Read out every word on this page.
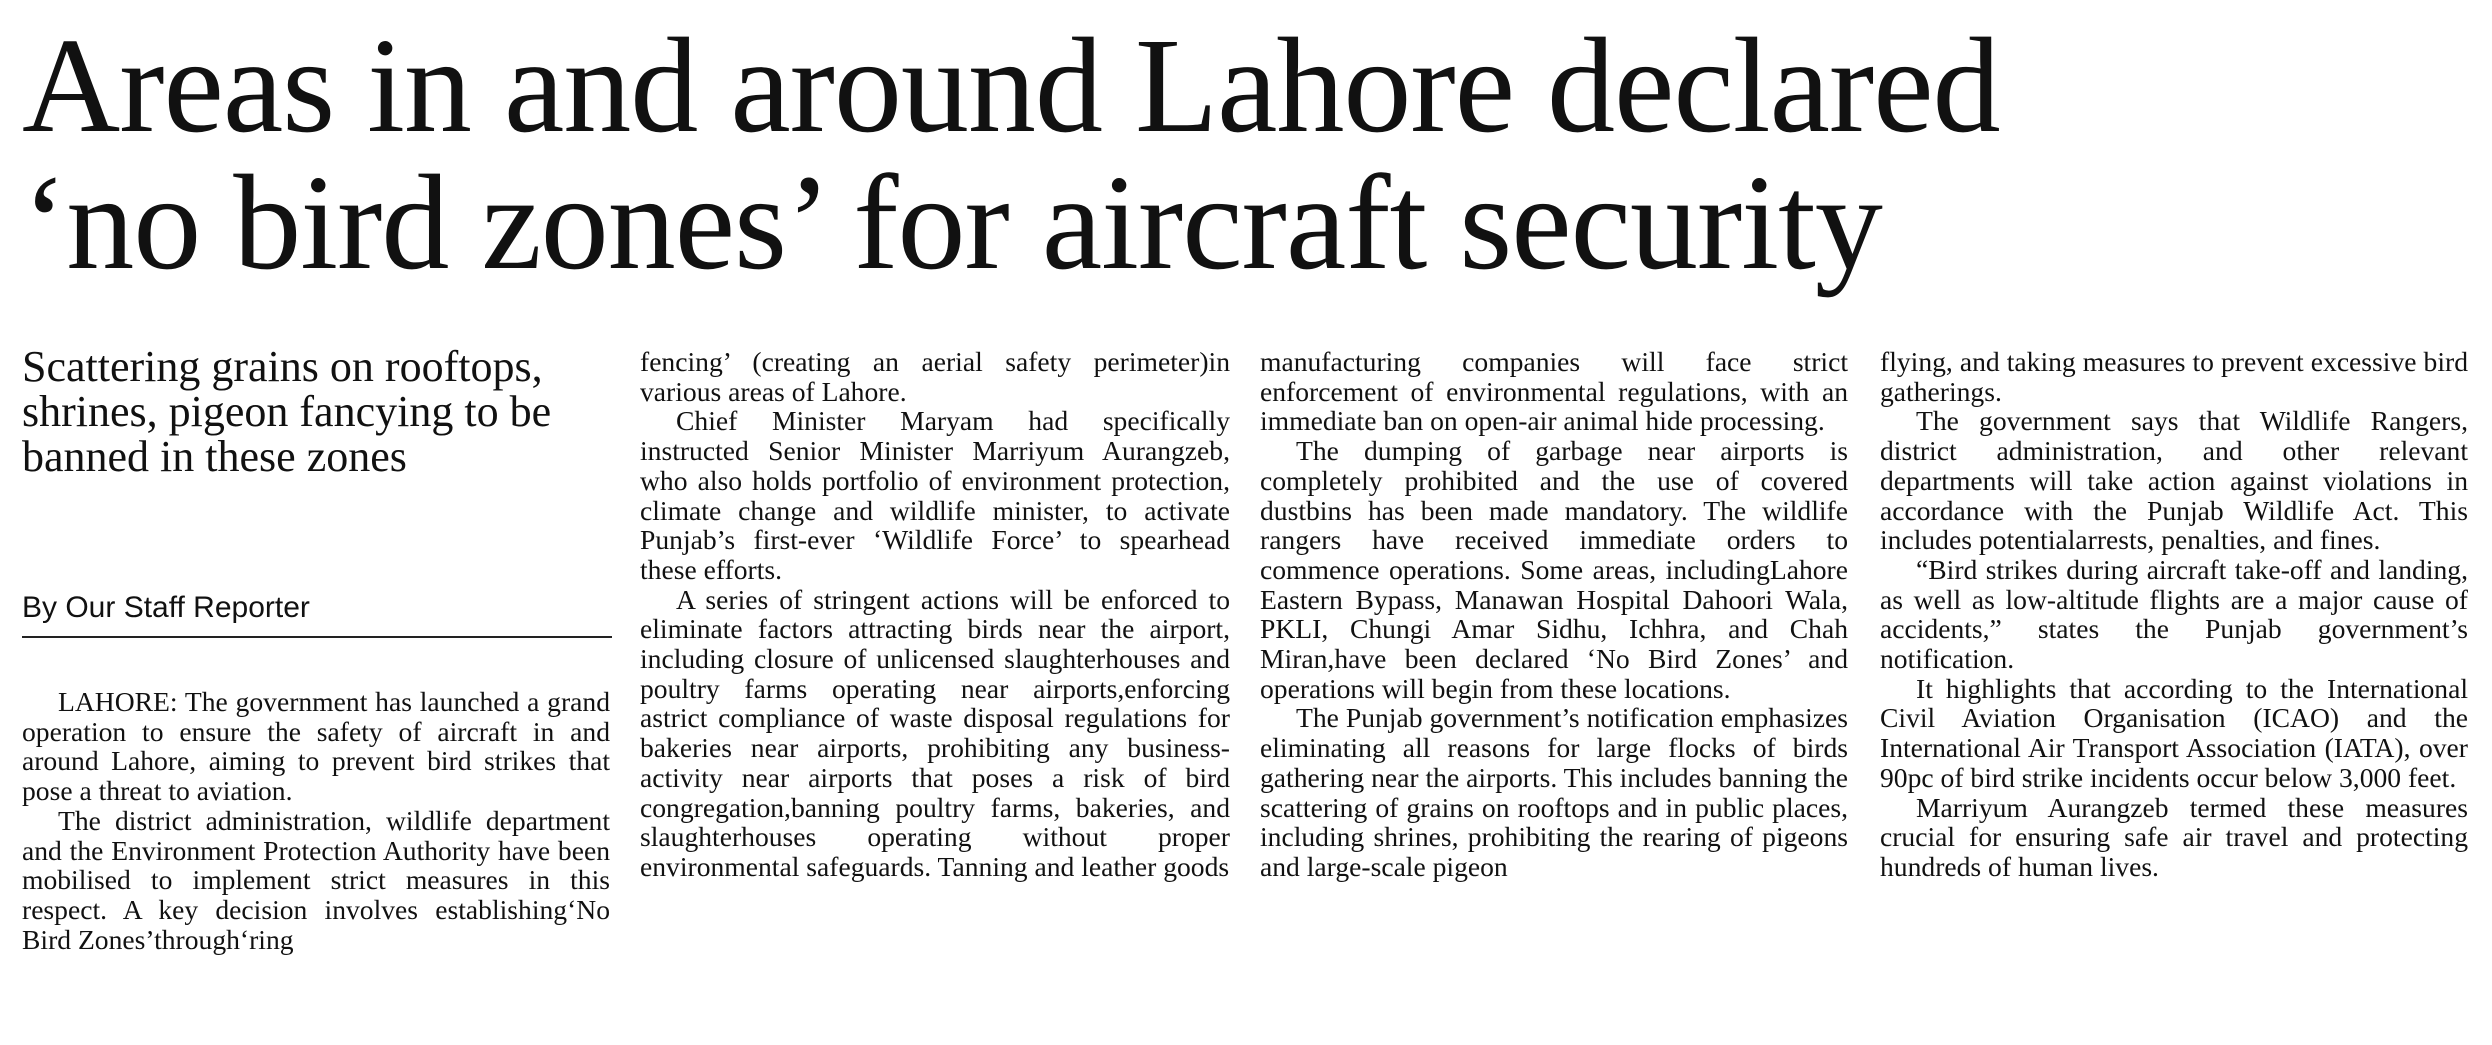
Areas in and around Lahore declared
‘no bird zones’ for aircraft security
Scattering grains on rooftops, shrines, pigeon fancying to be banned in these zones
By Our Staff Reporter

LAHORE: The government has launched a grand operation to ensure the safety of aircraft in and around Lahore, aiming to prevent bird strikes that pose a threat to aviation.

The district administration, wildlife department and the Environment Protection Authority have been mobilised to implement strict measures in this respect. A key decision involves establishing‘No Bird Zones’through‘ring

fencing’ (creating an aerial safety perimeter)in various areas of Lahore.

Chief Minister Maryam had specifically instructed Senior Minister Marriyum Aurangzeb, who also holds portfolio of environment protection, climate change and wildlife minister, to activate Punjab’s first-ever ‘Wildlife Force’ to spearhead these efforts.

A series of stringent actions will be enforced to eliminate factors attracting birds near the airport, including closure of unlicensed slaughterhouses and poultry farms operating near airports,enforcing astrict compliance of waste disposal regulations for bakeries near airports, prohibiting any business-activity near airports that poses a risk of bird congregation,banning poultry farms, bakeries, and slaughterhouses operating without proper environmental safeguards. Tanning and leather goods

manufacturing companies will face strict enforcement of environmental regulations, with an immediate ban on open-air animal hide processing.

The dumping of garbage near airports is completely prohibited and the use of covered dustbins has been made mandatory. The wildlife rangers have received immediate orders to commence operations. Some areas, includingLahore Eastern Bypass, Manawan Hospital Dahoori Wala, PKLI, Chungi Amar Sidhu, Ichhra, and Chah Miran,have been declared ‘No Bird Zones’ and operations will begin from these locations.

The Punjab government’s notification emphasizes eliminating all reasons for large flocks of birds gathering near the airports. This includes banning the scattering of grains on rooftops and in public places, including shrines, prohibiting the rearing of pigeons and large-scale pigeon

flying, and taking measures to prevent excessive bird gatherings.

The government says that Wildlife Rangers, district administration, and other relevant departments will take action against violations in accordance with the Punjab Wildlife Act. This includes potentialarrests, penalties, and fines.

“Bird strikes during aircraft take-off and landing, as well as low-altitude flights are a major cause of accidents,” states the Punjab government’s notification.

It highlights that according to the International Civil Aviation Organisation (ICAO) and the International Air Transport Association (IATA), over 90pc of bird strike incidents occur below 3,000 feet.

Marriyum Aurangzeb termed these measures crucial for ensuring safe air travel and protecting hundreds of human lives.
